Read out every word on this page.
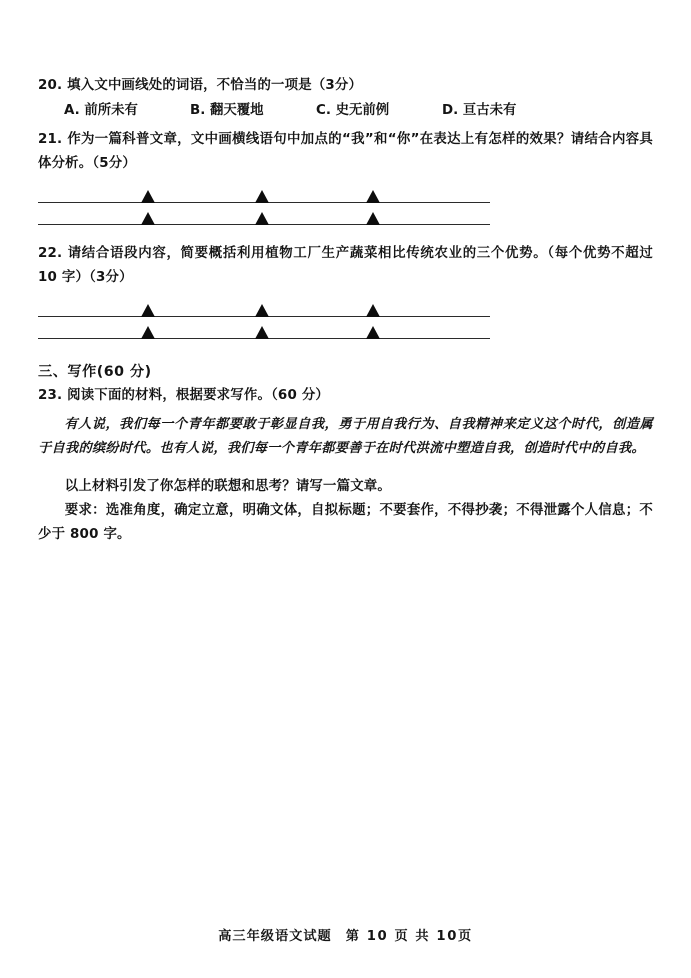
20. 填入文中画线处的词语，不恰当的一项是（3分）
A. 前所未有	B. 翻天覆地	C. 史无前例	D. 亘古未有
21. 作为一篇科普文章，文中画横线语句中加点的“我”和“你”在表达上有怎样的效果？请结合内容具体分析。（5分）
22. 请结合语段内容，简要概括利用植物工厂生产蔬菜相比传统农业的三个优势。（每个优势不超过 10 字）（3分）
三、写作(60 分)
23. 阅读下面的材料，根据要求写作。（60 分）

有人说，我们每一个青年都要敢于彰显自我，勇于用自我行为、自我精神来定义这个时代，创造属于自我的缤纷时代。也有人说，我们每一个青年都要善于在时代洪流中塑造自我，创造时代中的自我。

以上材料引发了你怎样的联想和思考？请写一篇文章。

要求：选准角度，确定立意，明确文体，自拟标题；不要套作，不得抄袭；不得泄露个人信息；不少于 800 字。

高三年级语文试题 第 10 页 共 10页
